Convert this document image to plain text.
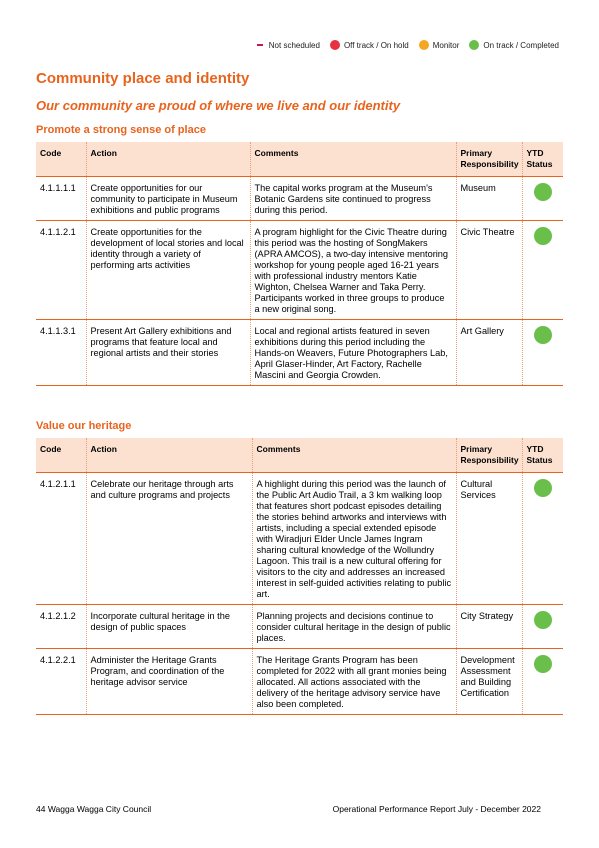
Not scheduled	Off track / On hold	Monitor	On track / Completed
Community place and identity
Our community are proud of where we live and our identity
Promote a strong sense of place
Code	Action	Comments	Primary Responsibility	YTD Status
4.1.1.1.1	Create opportunities for our community to participate in Museum exhibitions and public programs	The capital works program at the Museum's Botanic Gardens site continued to progress during this period.	Museum	

4.1.1.2.1	Create opportunities for the development of local stories and local identity through a variety of performing arts activities	A program highlight for the Civic Theatre during this period was the hosting of SongMakers (APRA AMCOS), a two-day intensive mentoring workshop for young people aged 16-21 years with professional industry mentors Katie Wighton, Chelsea Warner and Taka Perry. Participants worked in three groups to produce a new original song.	Civic Theatre	

4.1.1.3.1	Present Art Gallery exhibitions and programs that feature local and regional artists and their stories	Local and regional artists featured in seven exhibitions during this period including the Hands-on Weavers, Future Photographers Lab, April Glaser-Hinder, Art Factory, Rachelle Mascini and Georgia Crowden.	Art Gallery	
Value our heritage
Code	Action	Comments	Primary Responsibility	YTD Status
4.1.2.1.1	Celebrate our heritage through arts and culture programs and projects	A highlight during this period was the launch of the Public Art Audio Trail, a 3 km walking loop that features short podcast episodes detailing the stories behind artworks and interviews with artists, including a special extended episode with Wiradjuri Elder Uncle James Ingram sharing cultural knowledge of the Wollundry Lagoon. This trail is a new cultural offering for visitors to the city and addresses an increased interest in self-guided activities relating to public art.	Cultural Services	

4.1.2.1.2	Incorporate cultural heritage in the design of public spaces	Planning projects and decisions continue to consider cultural heritage in the design of public places.	City Strategy	

4.1.2.2.1	Administer the Heritage Grants Program, and coordination of the heritage advisor service	The Heritage Grants Program has been completed for 2022 with all grant monies being allocated. All actions associated with the delivery of the heritage advisory service have also been completed.	Development Assessment and Building Certification	
44 Wagga Wagga City Council	Operational Performance Report July - December 2022
